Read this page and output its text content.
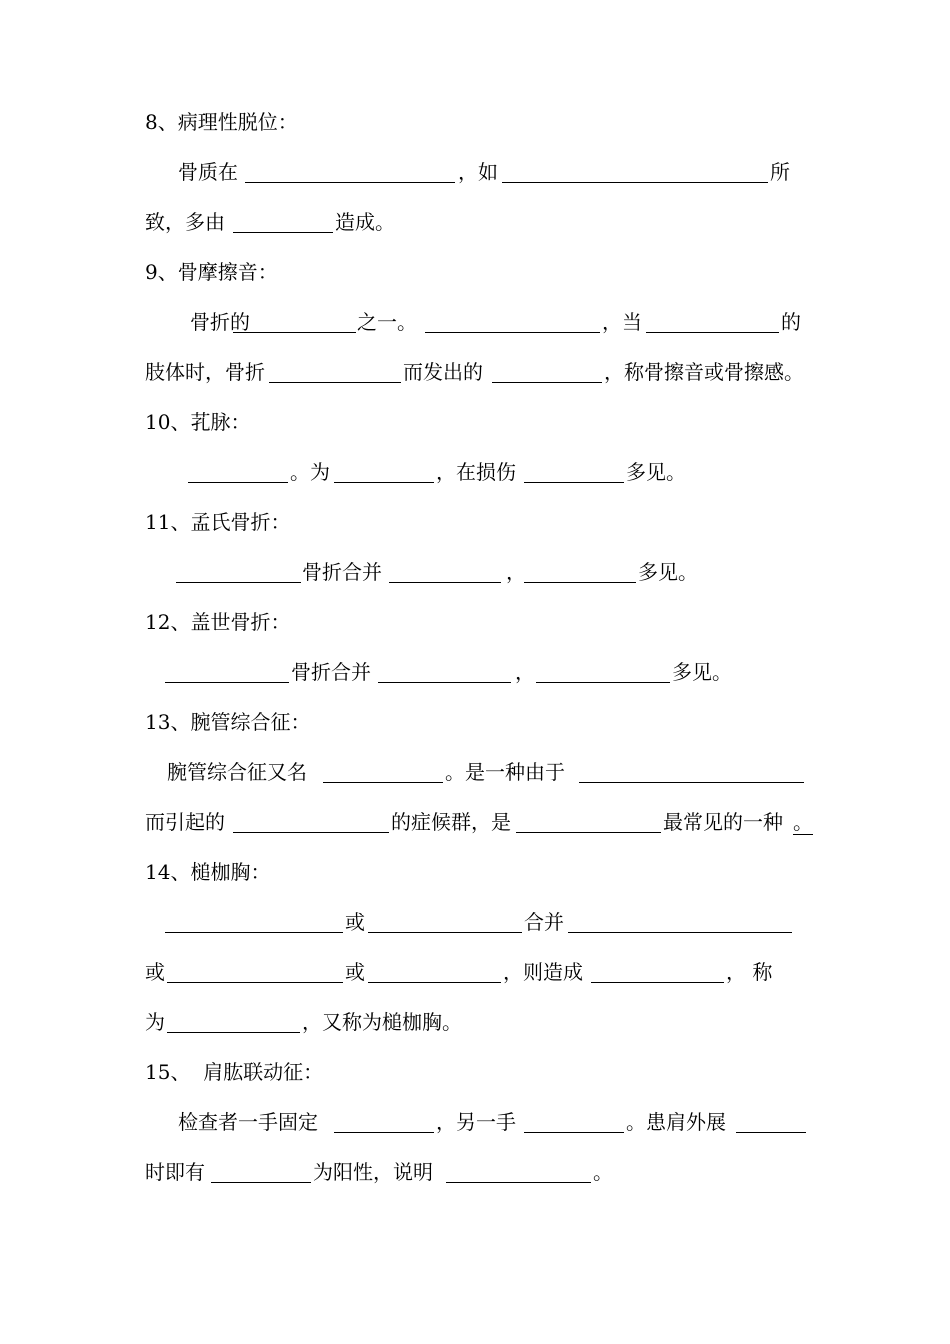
8、病理性脱位：
骨质在	，如	所
致，多由	造成。
9、骨摩擦音：
骨折的	之一。	，当	的
肢体时，骨折	而发出的	，称骨擦音或骨擦感。
10、芤脉：
。为	，在损伤	多见。
11、孟氏骨折：
骨折合并	，	多见。
12、盖世骨折：
骨折合并	，	多见。
13、腕管综合征：
腕管综合征又名	。是一种由于
而引起的	的症候群，是	最常见的一种 。
14、槌枷胸：
或	合并
或	或	，则造成	， 称
为	，又称为槌枷胸。
15、  肩肱联动征：
检查者一手固定	，另一手	。患肩外展
时即有	为阳性，说明	。
